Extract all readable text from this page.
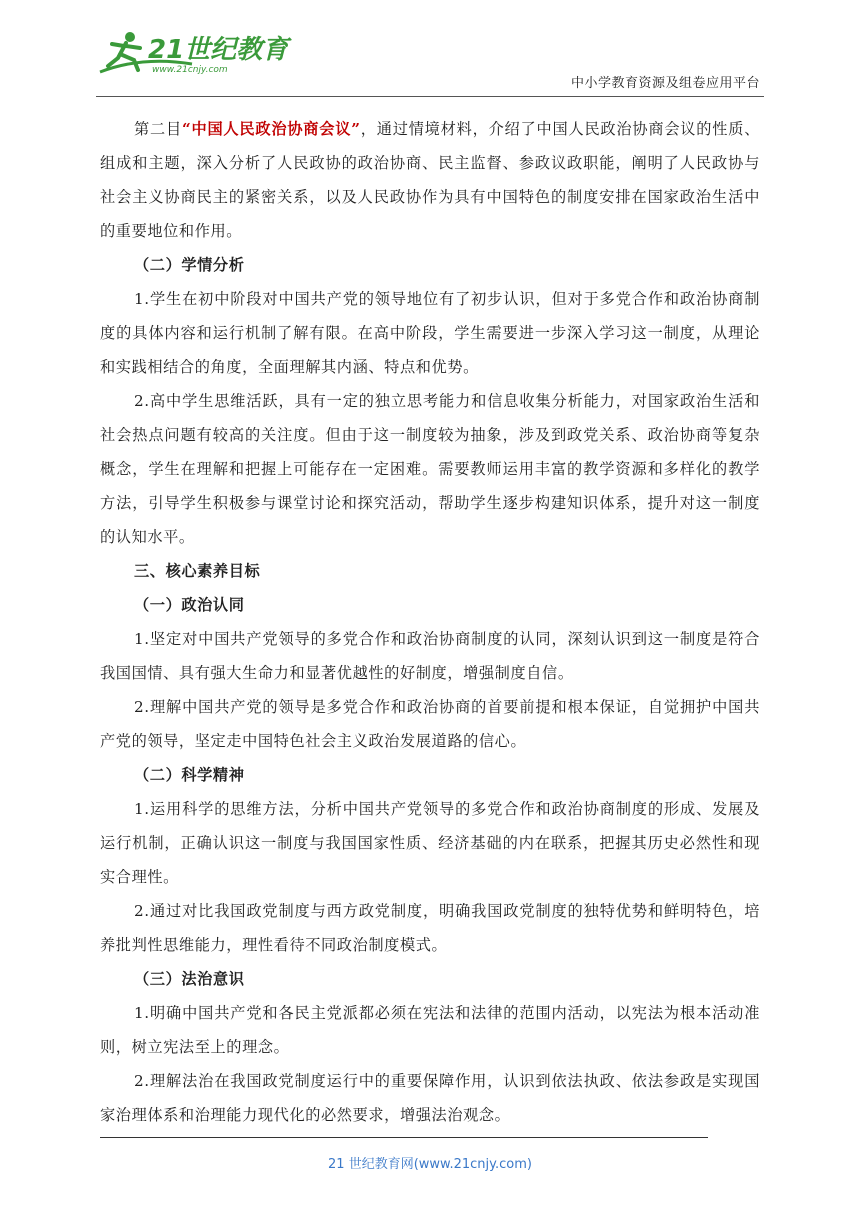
21世纪教育
www.21cnjy.com
中小学教育资源及组卷应用平台

第二目“中国人民政治协商会议”，通过情境材料，介绍了中国人民政治协商会议的性质、组成和主题，深入分析了人民政协的政治协商、民主监督、参政议政职能，阐明了人民政协与社会主义协商民主的紧密关系，以及人民政协作为具有中国特色的制度安排在国家政治生活中的重要地位和作用。

（二）学情分析

1.学生在初中阶段对中国共产党的领导地位有了初步认识，但对于多党合作和政治协商制度的具体内容和运行机制了解有限。在高中阶段，学生需要进一步深入学习这一制度，从理论和实践相结合的角度，全面理解其内涵、特点和优势。

2.高中学生思维活跃，具有一定的独立思考能力和信息收集分析能力，对国家政治生活和社会热点问题有较高的关注度。但由于这一制度较为抽象，涉及到政党关系、政治协商等复杂概念，学生在理解和把握上可能存在一定困难。需要教师运用丰富的教学资源和多样化的教学方法，引导学生积极参与课堂讨论和探究活动，帮助学生逐步构建知识体系，提升对这一制度的认知水平。

三、核心素养目标

（一）政治认同

1.坚定对中国共产党领导的多党合作和政治协商制度的认同，深刻认识到这一制度是符合我国国情、具有强大生命力和显著优越性的好制度，增强制度自信。

2.理解中国共产党的领导是多党合作和政治协商的首要前提和根本保证，自觉拥护中国共产党的领导，坚定走中国特色社会主义政治发展道路的信心。

（二）科学精神

1.运用科学的思维方法，分析中国共产党领导的多党合作和政治协商制度的形成、发展及运行机制，正确认识这一制度与我国国家性质、经济基础的内在联系，把握其历史必然性和现实合理性。

2.通过对比我国政党制度与西方政党制度，明确我国政党制度的独特优势和鲜明特色，培养批判性思维能力，理性看待不同政治制度模式。

（三）法治意识

1.明确中国共产党和各民主党派都必须在宪法和法律的范围内活动，以宪法为根本活动准则，树立宪法至上的理念。

2.理解法治在我国政党制度运行中的重要保障作用，认识到依法执政、依法参政是实现国家治理体系和治理能力现代化的必然要求，增强法治观念。

21 世纪教育网(www.21cnjy.com)
